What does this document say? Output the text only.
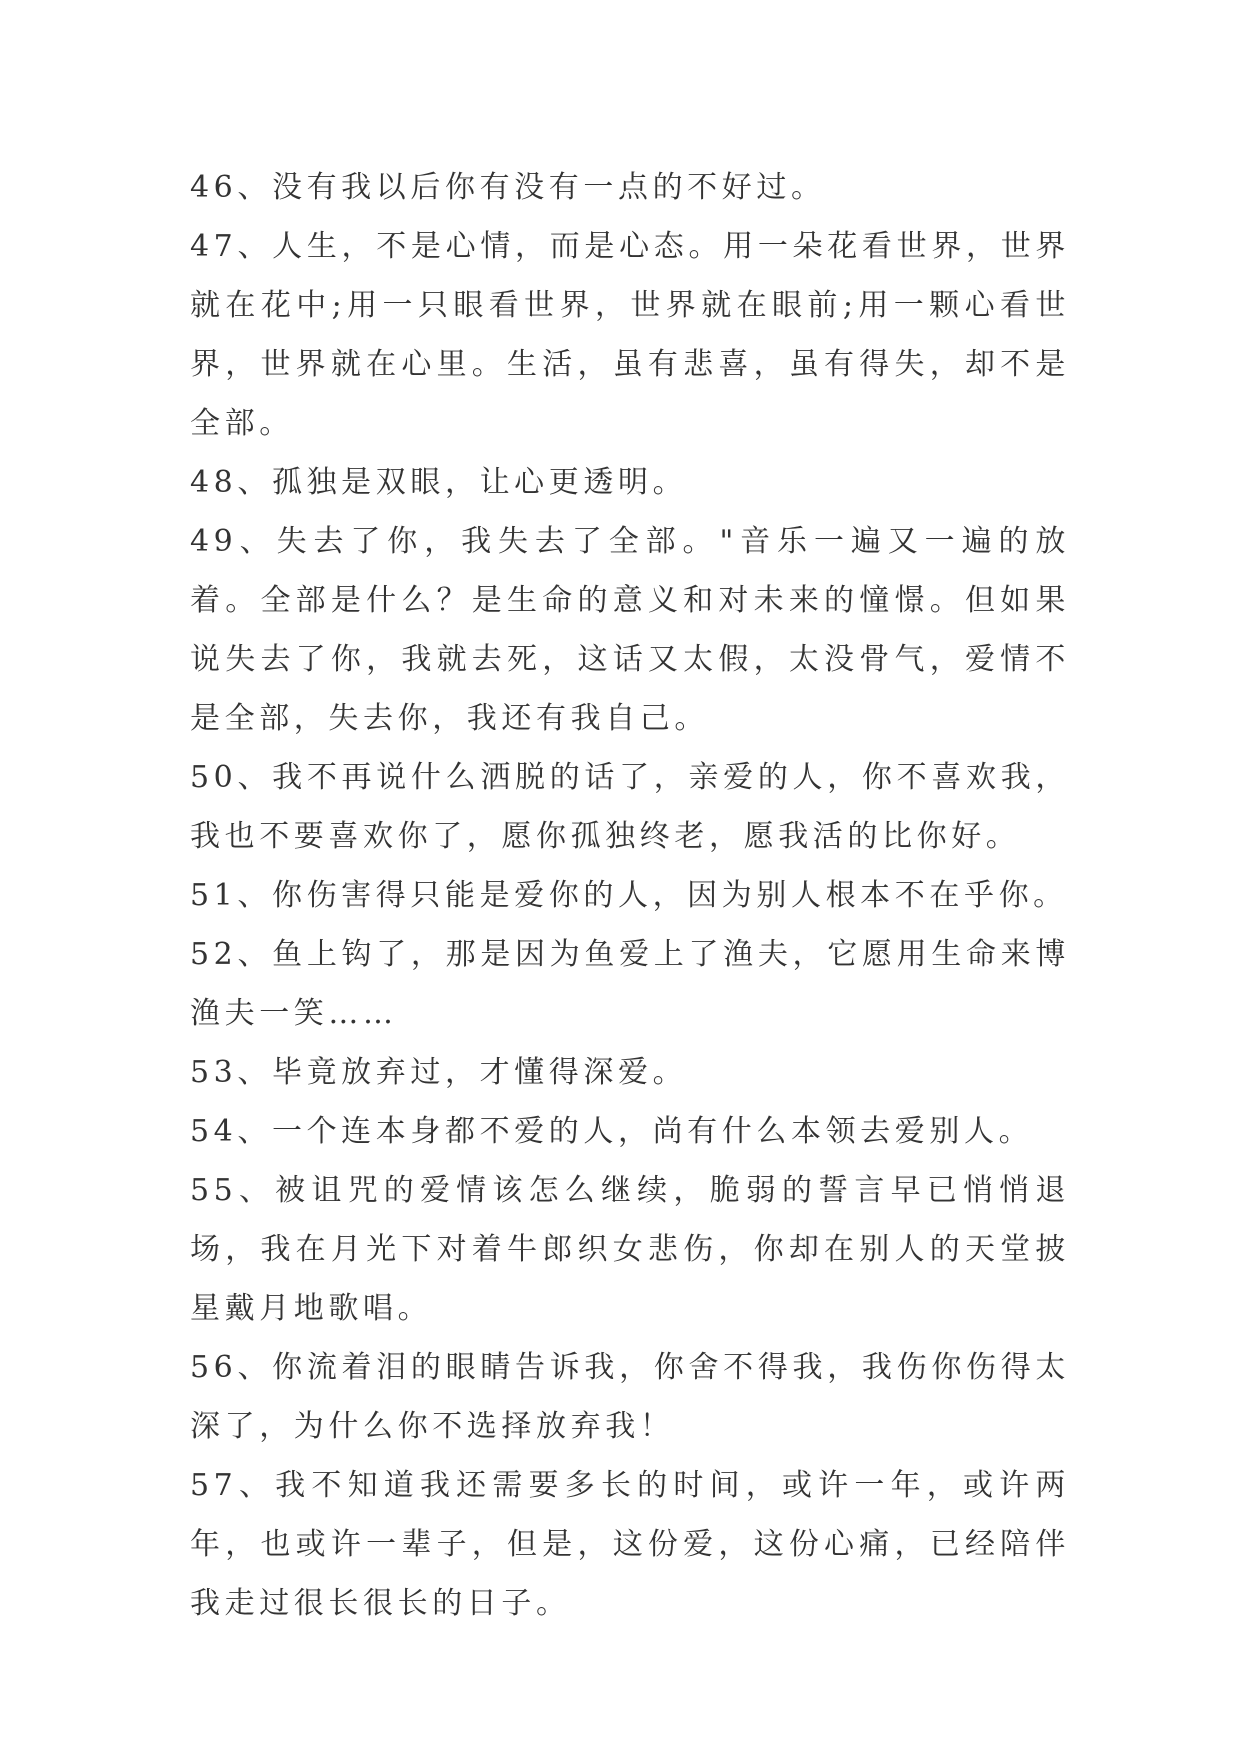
46、没有我以后你有没有一点的不好过。

47、人生，不是心情，而是心态。用一朵花看世界，世界就在花中;用一只眼看世界，世界就在眼前;用一颗心看世界，世界就在心里。生活，虽有悲喜，虽有得失，却不是全部。

48、孤独是双眼，让心更透明。

49、失去了你，我失去了全部。"音乐一遍又一遍的放着。全部是什么？是生命的意义和对未来的憧憬。但如果说失去了你，我就去死，这话又太假，太没骨气，爱情不是全部，失去你，我还有我自己。

50、我不再说什么洒脱的话了，亲爱的人，你不喜欢我，我也不要喜欢你了，愿你孤独终老，愿我活的比你好。

51、你伤害得只能是爱你的人，因为别人根本不在乎你。

52、鱼上钩了，那是因为鱼爱上了渔夫，它愿用生命来博渔夫一笑……

53、毕竟放弃过，才懂得深爱。

54、一个连本身都不爱的人，尚有什么本领去爱别人。

55、被诅咒的爱情该怎么继续，脆弱的誓言早已悄悄退场，我在月光下对着牛郎织女悲伤，你却在别人的天堂披星戴月地歌唱。

56、你流着泪的眼睛告诉我，你舍不得我，我伤你伤得太深了，为什么你不选择放弃我！

57、我不知道我还需要多长的时间，或许一年，或许两年，也或许一辈子，但是，这份爱，这份心痛，已经陪伴我走过很长很长的日子。
